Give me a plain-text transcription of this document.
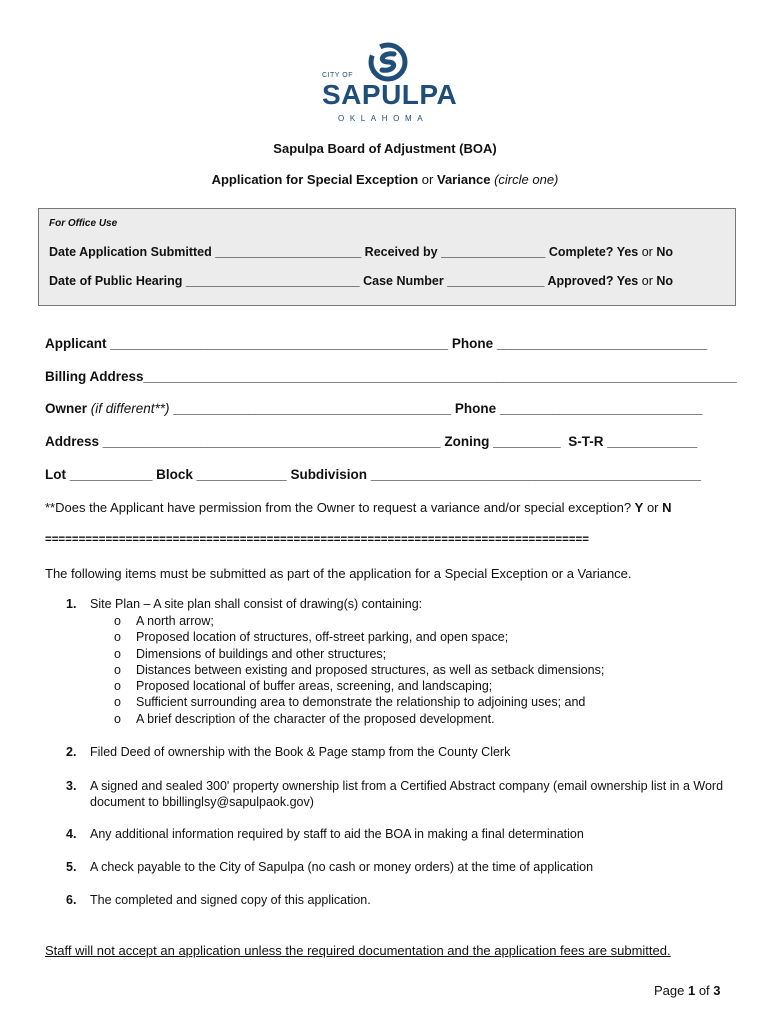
CITY OF
SAPULPA
OKLAHOMA
Sapulpa Board of Adjustment (BOA)
Application for Special Exception or Variance (circle one)
For Office Use
Date Application Submitted _____________________ Received by _______________ Complete? Yes or No
Date of Public Hearing _________________________ Case Number ______________ Approved? Yes or No
Applicant _____________________________________________ Phone ____________________________
Billing Address_______________________________________________________________________________
Owner (if different**) _____________________________________ Phone ___________________________
Address _____________________________________________ Zoning _________  S-T-R ____________
Lot ___________ Block ____________ Subdivision ____________________________________________
**Does the Applicant have permission from the Owner to request a variance and/or special exception? Y or N
=================================================================================
The following items must be submitted as part of the application for a Special Exception or a Variance.
1. Site Plan – A site plan shall consist of drawing(s) containing:
o A north arrow;
o Proposed location of structures, off-street parking, and open space;
o Dimensions of buildings and other structures;
o Distances between existing and proposed structures, as well as setback dimensions;
o Proposed locational of buffer areas, screening, and landscaping;
o Sufficient surrounding area to demonstrate the relationship to adjoining uses; and
o A brief description of the character of the proposed development.
2. Filed Deed of ownership with the Book & Page stamp from the County Clerk
3. A signed and sealed 300' property ownership list from a Certified Abstract company (email ownership list in a Word document to bbillinglsy@sapulpaok.gov)
4. Any additional information required by staff to aid the BOA in making a final determination
5. A check payable to the City of Sapulpa (no cash or money orders) at the time of application
6. The completed and signed copy of this application.
Staff will not accept an application unless the required documentation and the application fees are submitted.
Page 1 of 3
